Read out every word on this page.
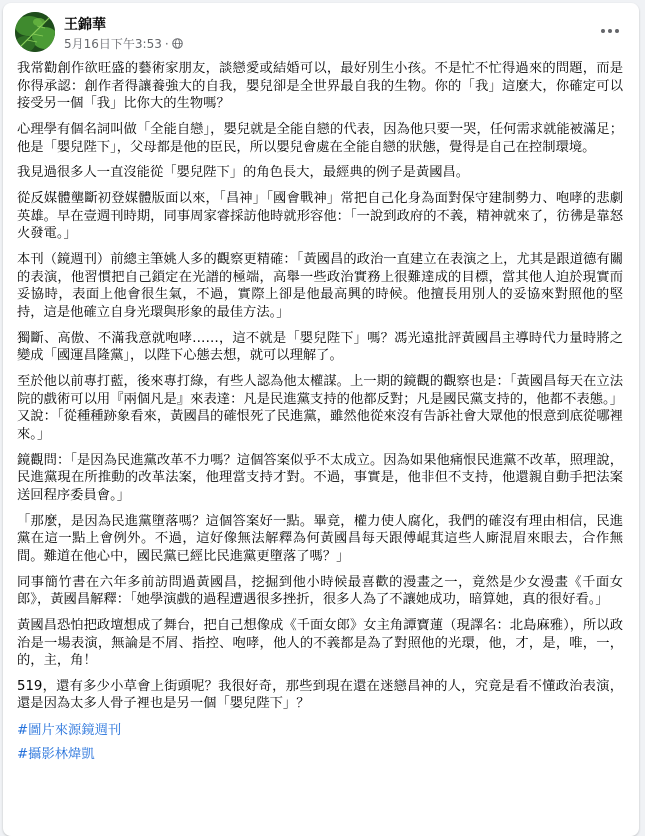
王錦華
5月16日下午3:53 ·

我常勸創作欲旺盛的藝術家朋友，談戀愛或結婚可以，最好別生小孩。不是忙不忙得過來的問題，而是你得承認：創作者得讓養強大的自我，嬰兒卻是全世界最自我的生物。你的「我」這麼大，你確定可以接受另一個「我」比你大的生物嗎？

心理學有個名詞叫做「全能自戀」，嬰兒就是全能自戀的代表，因為他只要一哭，任何需求就能被滿足；他是「嬰兒陛下」，父母都是他的臣民，所以嬰兒會處在全能自戀的狀態，覺得是自己在控制環境。

我見過很多人一直沒能從「嬰兒陛下」的角色長大，最經典的例子是黃國昌。

從反媒體壟斷初登媒體版面以來，「昌神」「國會戰神」常把自己化身為面對保守建制勢力、咆哮的悲劇英雄。早在壹週刊時期，同事周家睿採訪他時就形容他：「一說到政府的不義，精神就來了，彷彿是靠怒火發電。」

本刊（鏡週刊）前總主筆姚人多的觀察更精確：「黃國昌的政治一直建立在表演之上，尤其是跟道德有關的表演，他習慣把自己鎖定在光譜的極端，高舉一些政治實務上很難達成的目標，當其他人迫於現實而妥協時，表面上他會很生氣，不過，實際上卻是他最高興的時候。他擅長用別人的妥協來對照他的堅持，這是他確立自身光環與形象的最佳方法。」

獨斷、高傲、不滿我意就咆哮……，這不就是「嬰兒陛下」嗎？馮光遠批評黃國昌主導時代力量時將之變成「國運昌隆黨」，以陛下心態去想，就可以理解了。

至於他以前專打藍，後來專打綠，有些人認為他太權謀。上一期的鏡觀的觀察也是：「黃國昌每天在立法院的戲術可以用『兩個凡是』來表達：凡是民進黨支持的他都反對；凡是國民黨支持的，他都不表態。」又說：「從種種跡象看來，黃國昌的確恨死了民進黨，雖然他從來沒有告訴社會大眾他的恨意到底從哪裡來。」

鏡觀問：「是因為民進黨改革不力嗎？這個答案似乎不太成立。因為如果他痛恨民進黨不改革，照理說，民進黨現在所推動的改革法案，他理當支持才對。不過，事實是，他非但不支持，他還親自動手把法案送回程序委員會。」

「那麼，是因為民進黨墮落嗎？這個答案好一點。畢竟，權力使人腐化，我們的確沒有理由相信，民進黨在這一點上會例外。不過，這好像無法解釋為何黃國昌每天跟傅崐萁這些人廝混眉來眼去，合作無間。難道在他心中，國民黨已經比民進黨更墮落了嗎？」

同事簡竹書在六年多前訪問過黃國昌，挖掘到他小時候最喜歡的漫畫之一，竟然是少女漫畫《千面女郎》，黃國昌解釋：「她學演戲的過程遭遇很多挫折，很多人為了不讓她成功，暗算她，真的很好看。」

黃國昌恐怕把政壇想成了舞台，把自己想像成《千面女郎》女主角譚寶蓮（現譯名：北島麻雅），所以政治是一場表演，無論是不屑、指控、咆哮，他人的不義都是為了對照他的光環，他，才，是，唯，一，的，主，角！

519，還有多少小草會上街頭呢？我很好奇，那些到現在還在迷戀昌神的人，究竟是看不懂政治表演，還是因為太多人骨子裡也是另一個「嬰兒陛下」？

#圖片來源鏡週刊
#攝影林煒凱
